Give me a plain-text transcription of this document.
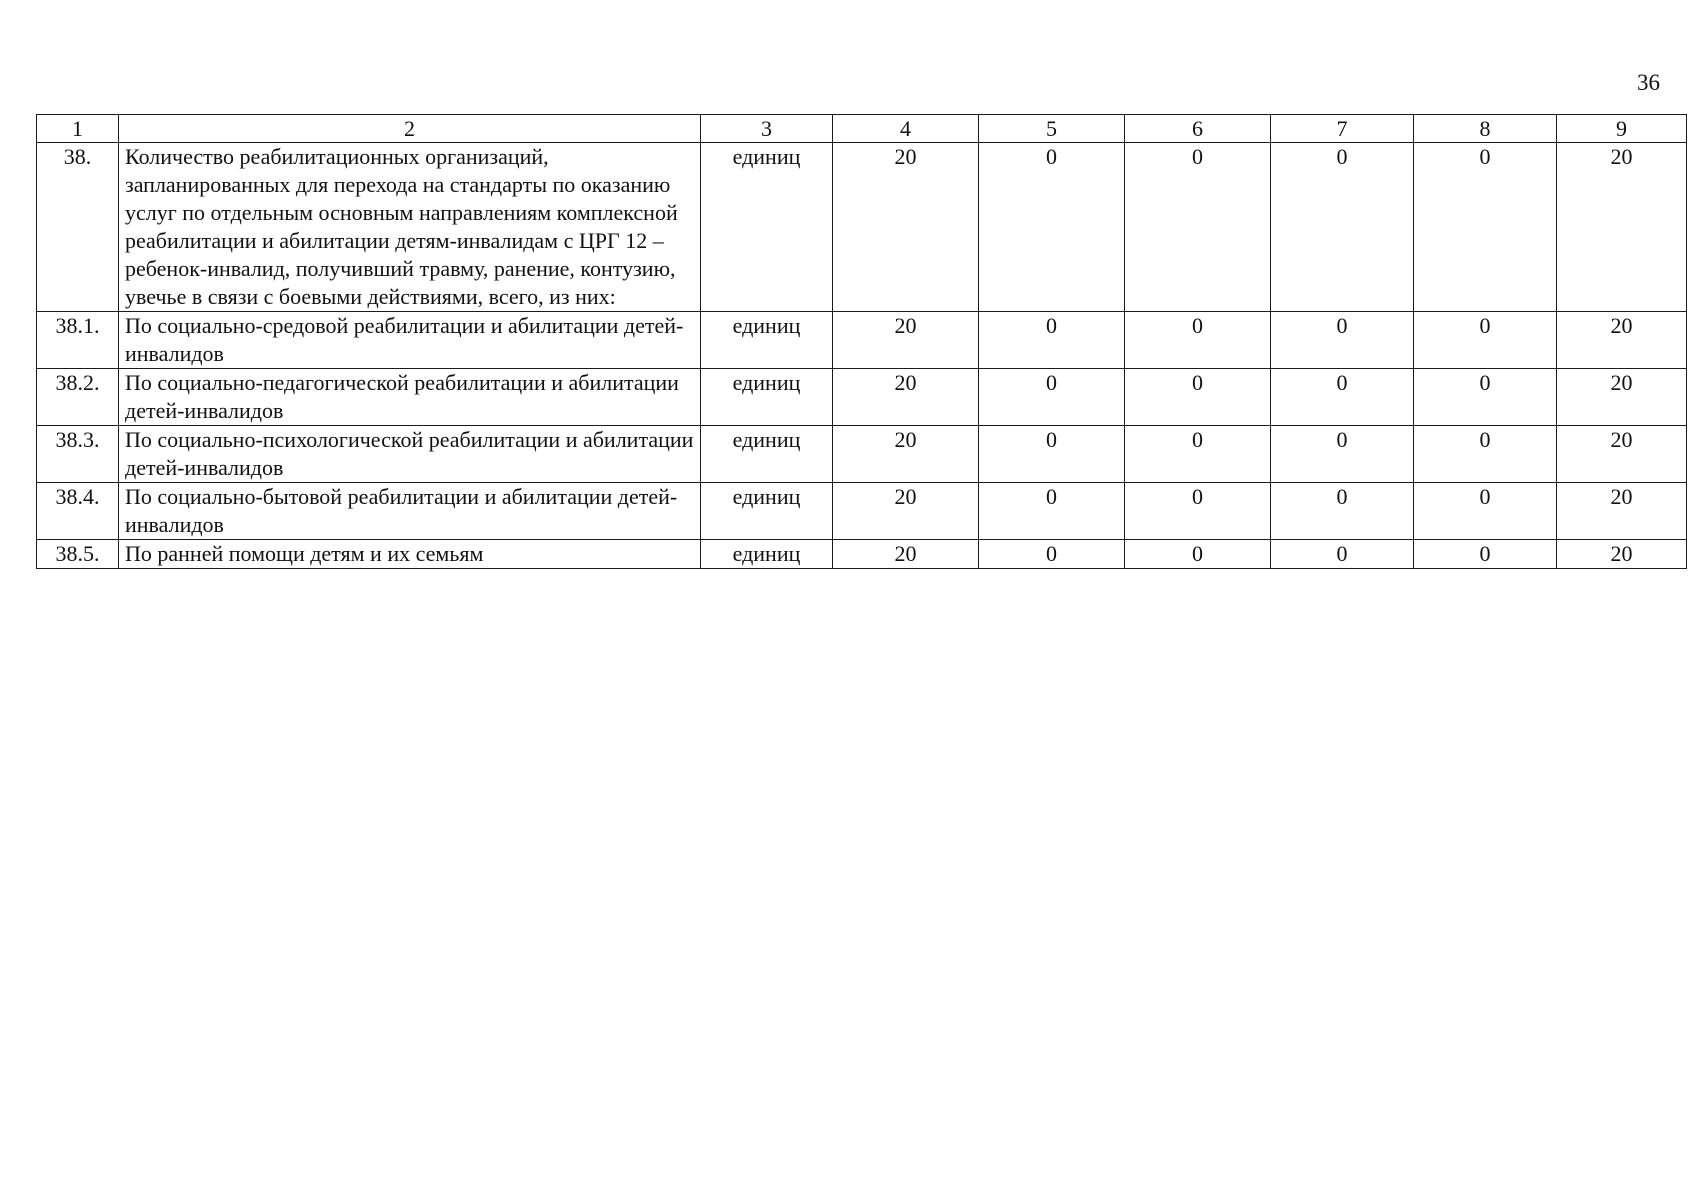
36
1	2	3	4	5	6	7	8	9
38.	Количество реабилитационных организаций, запланированных для перехода на стандарты по оказанию услуг по отдельным основным направлениям комплексной реабилитации и абилитации детям-инвалидам с ЦРГ 12 – ребенок-инвалид, получивший травму, ранение, контузию, увечье в связи с боевыми действиями, всего, из них:	единиц	20	0	0	0	0	20
38.1.	По социально-средовой реабилитации и абилитации детей-инвалидов	единиц	20	0	0	0	0	20
38.2.	По социально-педагогической реабилитации и абилитации детей-инвалидов	единиц	20	0	0	0	0	20
38.3.	По социально-психологической реабилитации и абилитации детей-инвалидов	единиц	20	0	0	0	0	20
38.4.	По социально-бытовой реабилитации и абилитации детей-инвалидов	единиц	20	0	0	0	0	20
38.5.	По ранней помощи детям и их семьям	единиц	20	0	0	0	0	20
